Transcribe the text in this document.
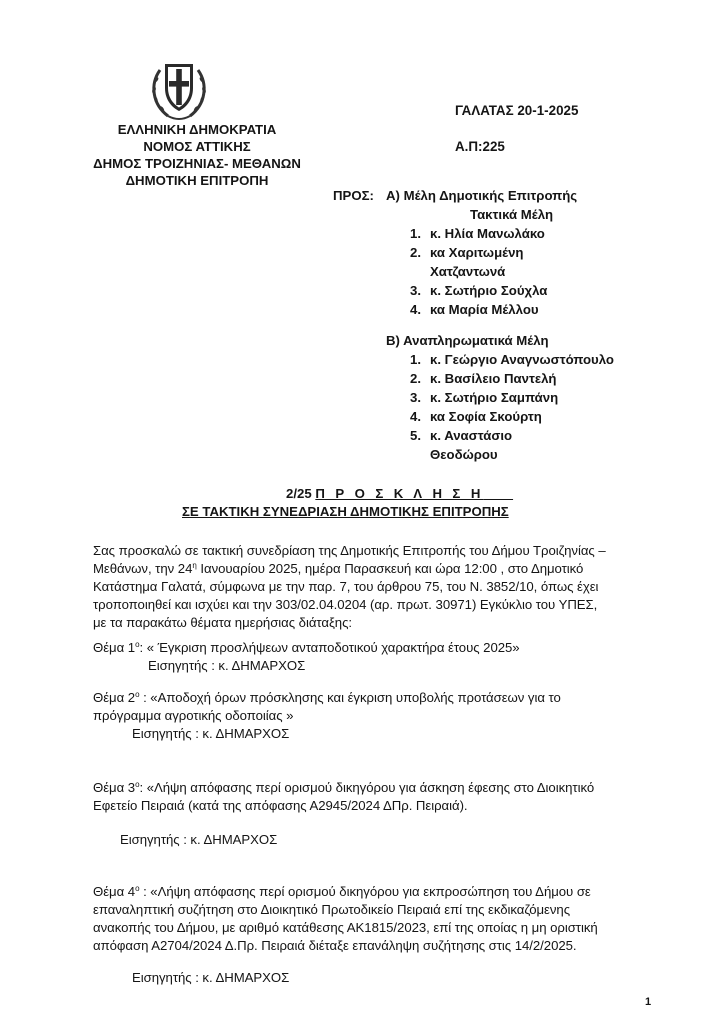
ΕΛΛΗΝΙΚΗ ΔΗΜΟΚΡΑΤΙΑ
ΝΟΜΟΣ ΑΤΤΙΚΗΣ
ΔΗΜΟΣ ΤΡΟΙΖΗΝΙΑΣ- ΜΕΘΑΝΩΝ
ΔΗΜΟΤΙΚΗ ΕΠΙΤΡΟΠΗ
ΓΑΛΑΤΑΣ 20-1-2025
Α.Π:225
ΠΡΟΣ: Α) Μέλη Δημοτικής Επιτροπής
Τακτικά Μέλη
1. κ. Ηλία Μανωλάκο
2. κα Χαριτωμένη
Χατζαντωνά
3. κ. Σωτήριο Σούχλα
4. κα Μαρία Μέλλου
Β) Αναπληρωματικά Μέλη
1. κ. Γεώργιο Αναγνωστόπουλο
2. κ. Βασίλειο Παντελή
3. κ. Σωτήριο Σαμπάνη
4. κα Σοφία Σκούρτη
5. κ. Αναστάσιο
Θεοδώρου
2/25 Π Ρ Ο Σ Κ Λ Η Σ Η
ΣΕ ΤΑΚΤΙΚΗ ΣΥΝΕΔΡΙΑΣΗ ΔΗΜΟΤΙΚΗΣ ΕΠΙΤΡΟΠΗΣ
Σας προσκαλώ σε τακτική συνεδρίαση της Δημοτικής Επιτροπής του Δήμου Τροιζηνίας –
Μεθάνων, την $24^\eta$ Ιανουαρίου 2025, ημέρα Παρασκευή και ώρα 12:00 , στο Δημοτικό
Κατάστημα Γαλατά, σύμφωνα με την παρ. 7, του άρθρου 75, του Ν. 3852/10, όπως έχει
τροποποιηθεί και ισχύει και την 303/02.04.0204 (αρ. πρωτ. 30971) Εγκύκλιο του ΥΠΕΣ,
με τα παρακάτω θέματα ημερήσιας διάταξης:
Θέμα $1^o$: « Έγκριση προσλήψεων ανταποδοτικού χαρακτήρα έτους 2025»
Εισηγητής : κ. ΔΗΜΑΡΧΟΣ
Θέμα $2^o$ : «Αποδοχή όρων πρόσκλησης και έγκριση υποβολής προτάσεων για το
πρόγραμμα αγροτικής οδοποιίας »
Εισηγητής : κ. ΔΗΜΑΡΧΟΣ
Θέμα $3^o$: «Λήψη απόφασης περί ορισμού δικηγόρου για άσκηση έφεσης στο Διοικητικό
Εφετείο Πειραιά (κατά της απόφασης Α2945/2024 ΔΠρ. Πειραιά).
Εισηγητής : κ. ΔΗΜΑΡΧΟΣ
Θέμα $4^o$ : «Λήψη απόφασης περί ορισμού δικηγόρου για εκπροσώπηση του Δήμου σε
επαναληπτική συζήτηση στο Διοικητικό Πρωτοδικείο Πειραιά επί της εκδικαζόμενης
ανακοπής του Δήμου, με αριθμό κατάθεσης ΑΚ1815/2023, επί της οποίας η μη οριστική
απόφαση Α2704/2024 Δ.Πρ. Πειραιά διέταξε επανάληψη συζήτησης στις 14/2/2025.
Εισηγητής : κ. ΔΗΜΑΡΧΟΣ
1
